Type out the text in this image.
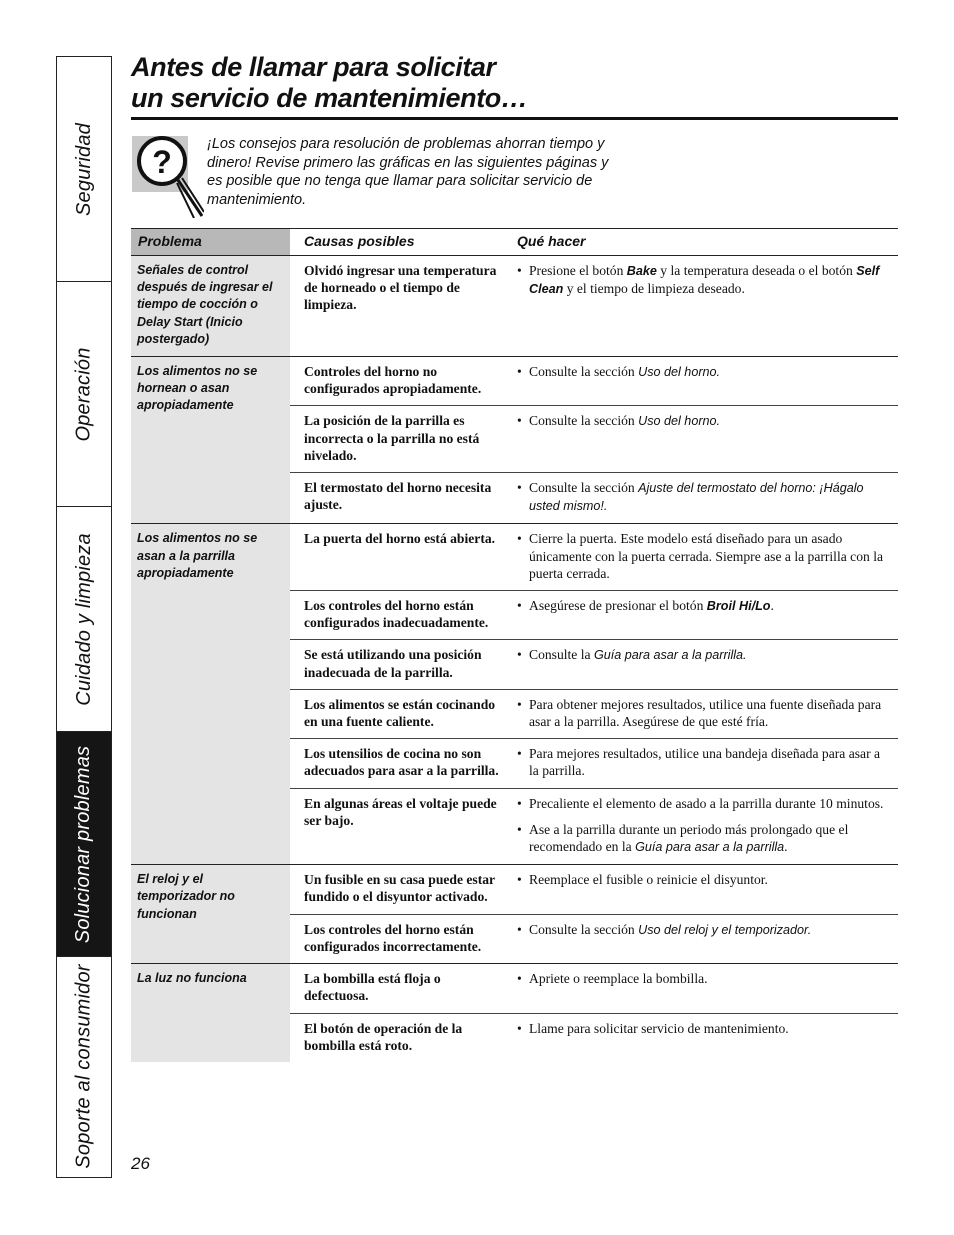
Seguridad
Operación
Cuidado y limpieza
Solucionar problemas
Soporte al consumidor
Antes de llamar para solicitar
un servicio de mantenimiento…
? ¡Los consejos para resolución de problemas ahorran tiempo y dinero! Revise primero las gráficas en las siguientes páginas y es posible que no tenga que llamar para solicitar servicio de mantenimiento.
Problema	Causas posibles	Qué hacer
Señales de control después de ingresar el tiempo de cocción o Delay Start (Inicio postergado)	Olvidó ingresar una temperatura de horneado o el tiempo de limpieza.	• Presione el botón Bake y la temperatura deseada o el botón Self Clean y el tiempo de limpieza deseado.

Los alimentos no se hornean o asan apropiadamente	Controles del horno no configurados apropiadamente.	• Consulte la sección Uso del horno.

	La posición de la parrilla es incorrecta o la parrilla no está nivelado.	• Consulte la sección Uso del horno.

	El termostato del horno necesita ajuste.	• Consulte la sección Ajuste del termostato del horno: ¡Hágalo usted mismo!.

Los alimentos no se asan a la parrilla apropiadamente	La puerta del horno está abierta.	• Cierre la puerta. Este modelo está diseñado para un asado únicamente con la puerta cerrada. Siempre ase a la parrilla con la puerta cerrada.

	Los controles del horno están configurados inadecuadamente.	• Asegúrese de presionar el botón Broil Hi/Lo.

	Se está utilizando una posición inadecuada de la parrilla.	• Consulte la Guía para asar a la parrilla.

	Los alimentos se están cocinando en una fuente caliente.	• Para obtener mejores resultados, utilice una fuente diseñada para asar a la parrilla. Asegúrese de que esté fría.

	Los utensilios de cocina no son adecuados para asar a la parrilla.	• Para mejores resultados, utilice una bandeja diseñada para asar a la parrilla.

	En algunas áreas el voltaje puede ser bajo.	• Precaliente el elemento de asado a la parrilla durante 10 minutos.
• Ase a la parrilla durante un periodo más prolongado que el recomendado en la Guía para asar a la parrilla.

El reloj y el temporizador no funcionan	Un fusible en su casa puede estar fundido o el disyuntor activado.	• Reemplace el fusible o reinicie el disyuntor.

	Los controles del horno están configurados incorrectamente.	• Consulte la sección Uso del reloj y el temporizador.

La luz no funciona	La bombilla está floja o defectuosa.	• Apriete o reemplace la bombilla.

	El botón de operación de la bombilla está roto.	• Llame para solicitar servicio de mantenimiento.
26
